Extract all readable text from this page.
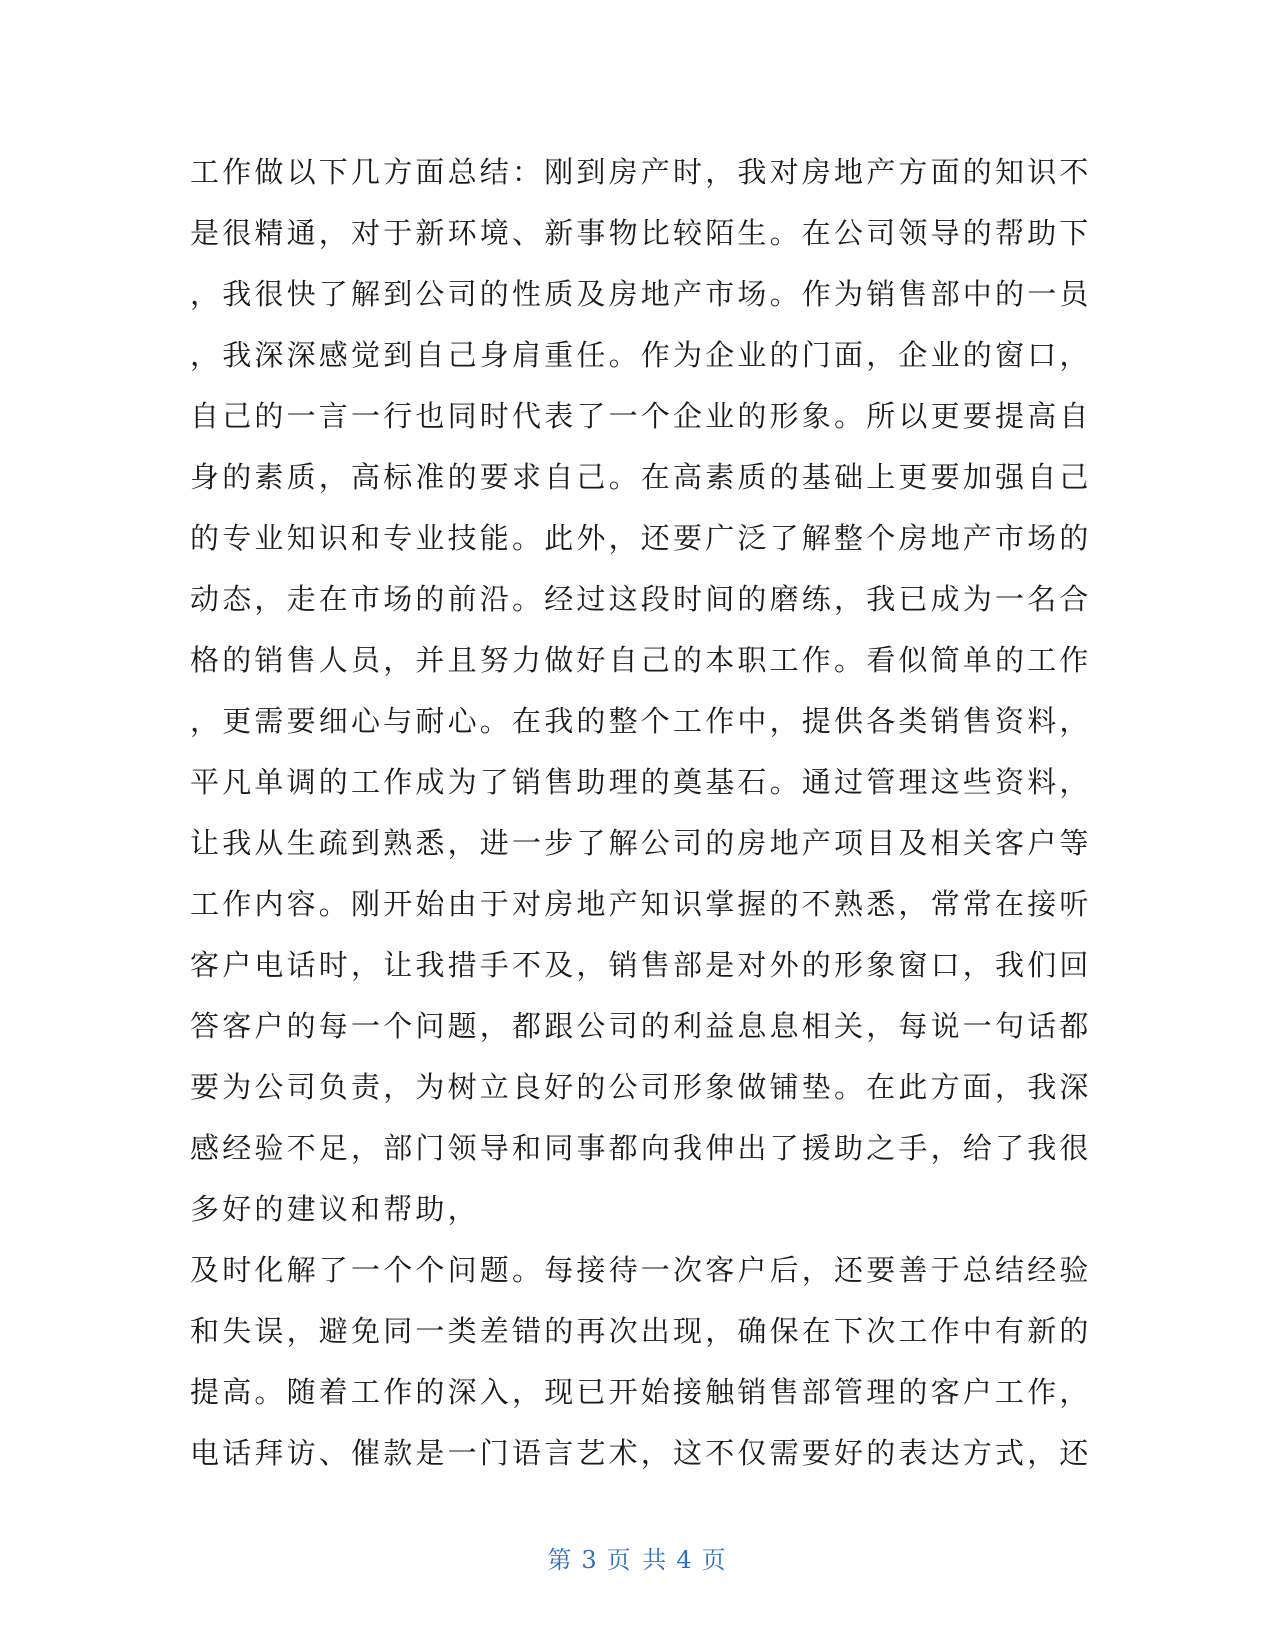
工作做以下几方面总结：刚到房产时，我对房地产方面的知识不
是很精通，对于新环境、新事物比较陌生。在公司领导的帮助下
，我很快了解到公司的性质及房地产市场。作为销售部中的一员
，我深深感觉到自己身肩重任。作为企业的门面，企业的窗口，
自己的一言一行也同时代表了一个企业的形象。所以更要提高自
身的素质，高标准的要求自己。在高素质的基础上更要加强自己
的专业知识和专业技能。此外，还要广泛了解整个房地产市场的
动态，走在市场的前沿。经过这段时间的磨练，我已成为一名合
格的销售人员，并且努力做好自己的本职工作。看似简单的工作
，更需要细心与耐心。在我的整个工作中，提供各类销售资料，
平凡单调的工作成为了销售助理的奠基石。通过管理这些资料，
让我从生疏到熟悉，进一步了解公司的房地产项目及相关客户等
工作内容。刚开始由于对房地产知识掌握的不熟悉，常常在接听
客户电话时，让我措手不及，销售部是对外的形象窗口，我们回
答客户的每一个问题，都跟公司的利益息息相关，每说一句话都
要为公司负责，为树立良好的公司形象做铺垫。在此方面，我深
感经验不足，部门领导和同事都向我伸出了援助之手，给了我很
多好的建议和帮助，
及时化解了一个个问题。每接待一次客户后，还要善于总结经验
和失误，避免同一类差错的再次出现，确保在下次工作中有新的
提高。随着工作的深入，现已开始接触销售部管理的客户工作，
电话拜访、催款是一门语言艺术，这不仅需要好的表达方式，还
第 3 页 共 4 页
